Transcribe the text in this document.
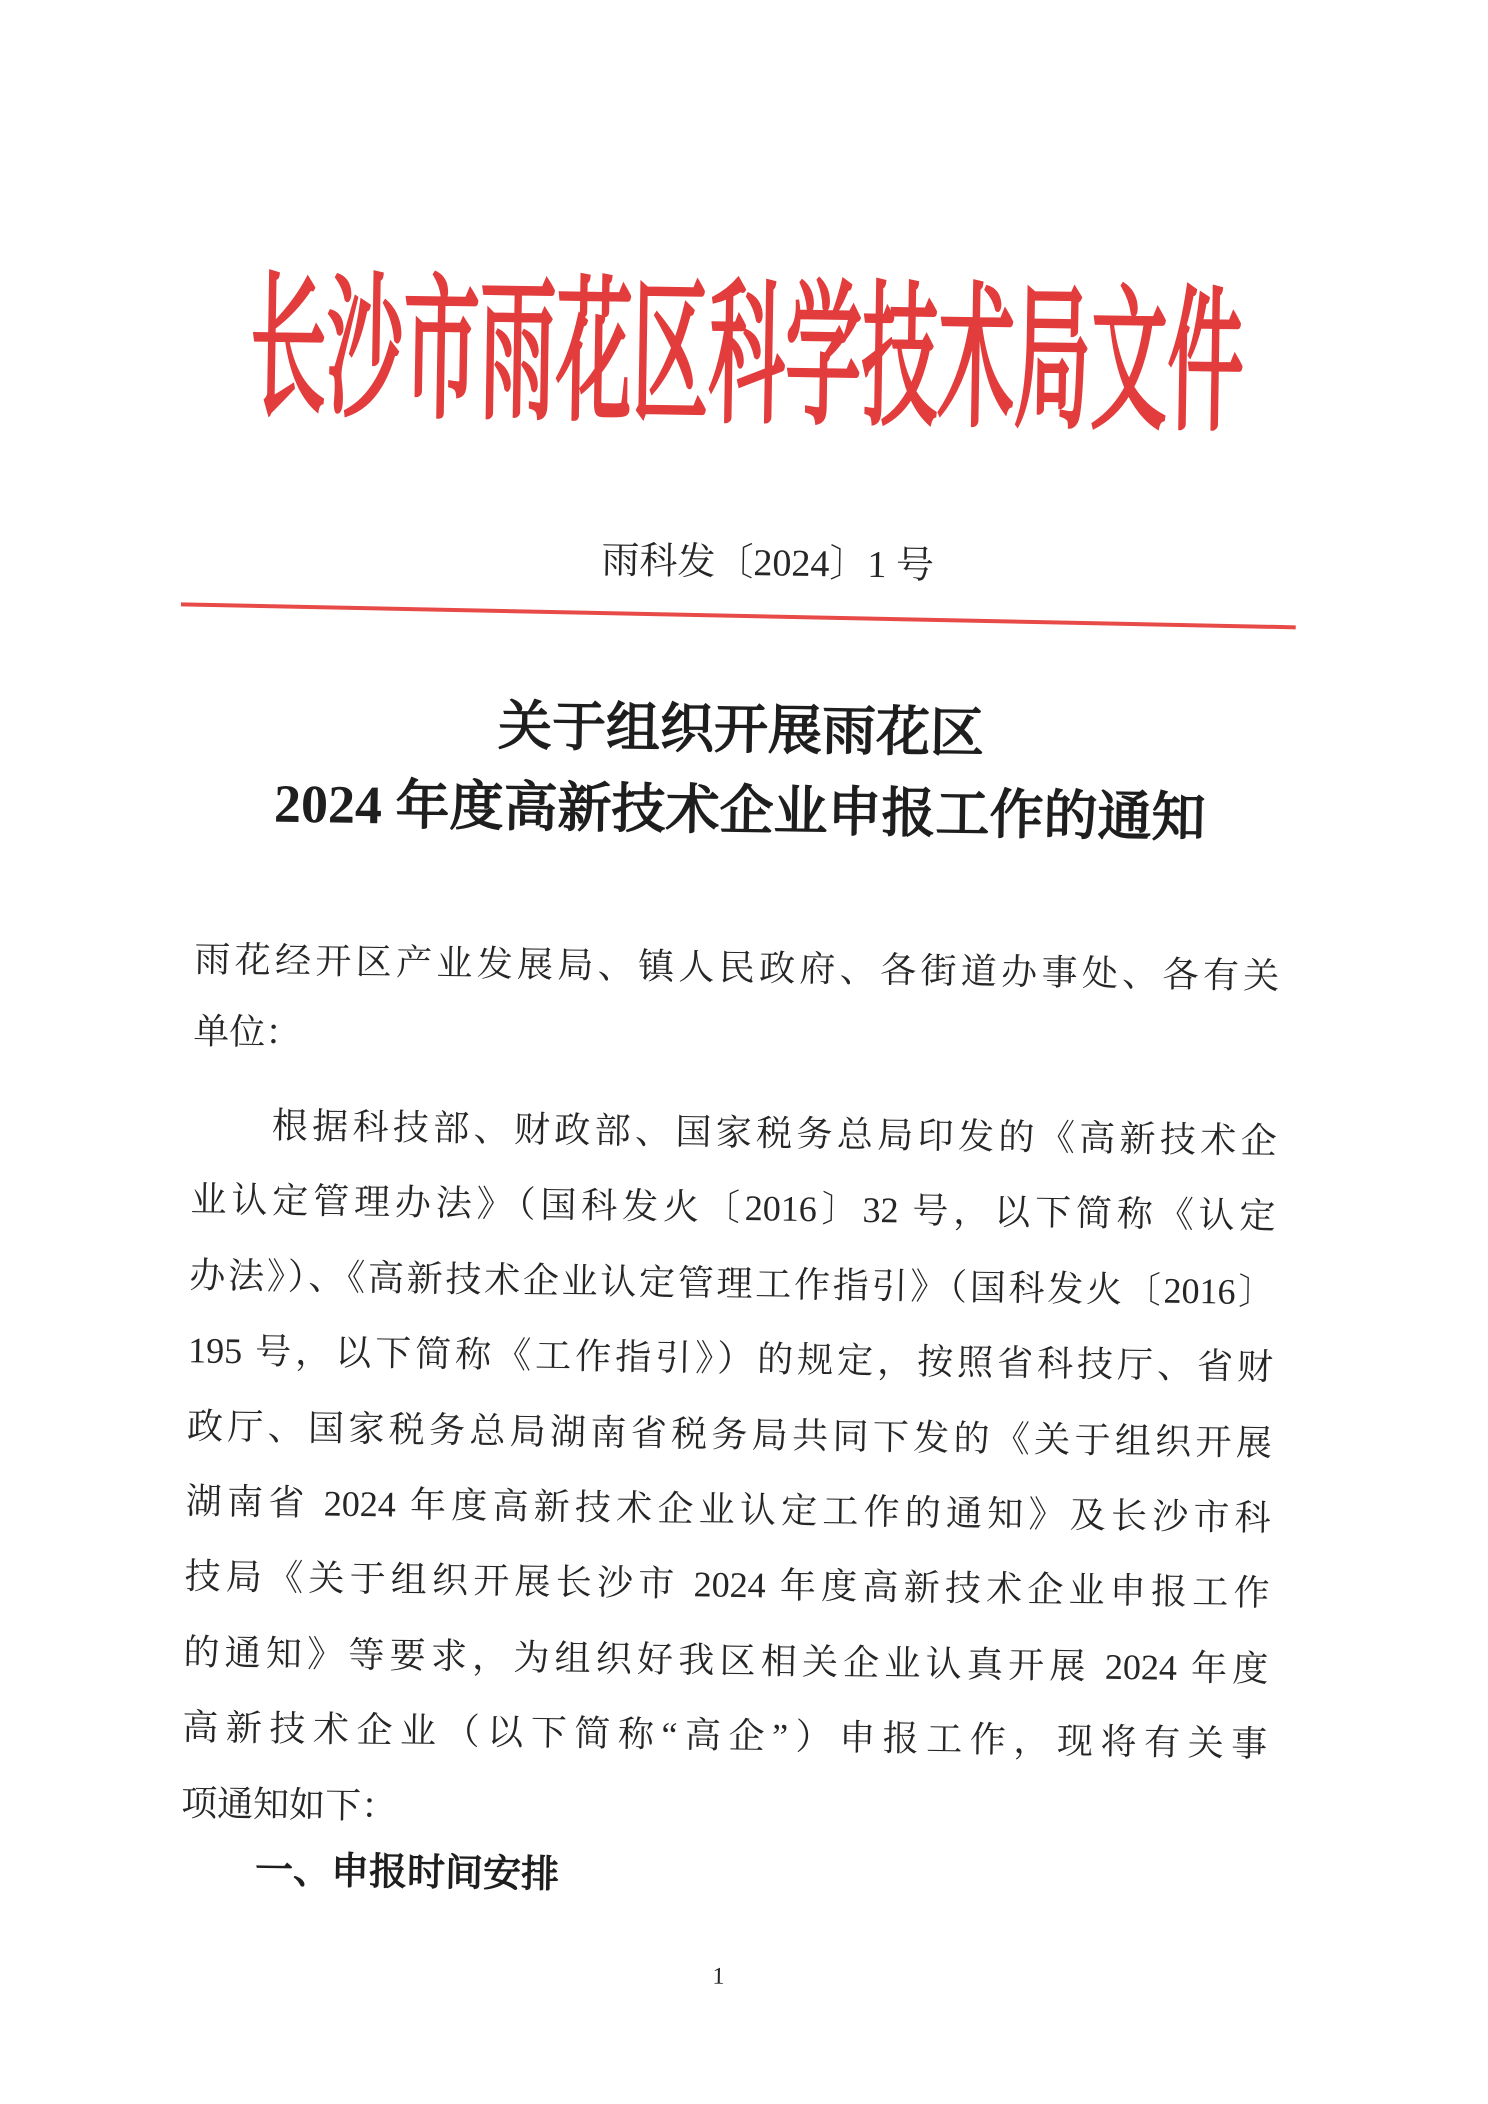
长沙市雨花区科学技术局文件
雨科发〔2024〕1 号
关于组织开展雨花区
2024 年度高新技术企业申报工作的通知
雨花经开区产业发展局、镇人民政府、各街道办事处、各有关
单位：
根据科技部、财政部、国家税务总局印发的《高新技术企
业认定管理办法》（国科发火〔2016〕32 号，以下简称《认定
办法》）、《高新技术企业认定管理工作指引》（国科发火〔2016〕
195 号，以下简称《工作指引》）的规定，按照省科技厅、省财
政厅、国家税务总局湖南省税务局共同下发的《关于组织开展
湖南省 2024 年度高新技术企业认定工作的通知》及长沙市科
技局《关于组织开展长沙市 2024 年度高新技术企业申报工作
的通知》等要求，为组织好我区相关企业认真开展 2024 年度
高新技术企业（以下简称“高企”）申报工作，现将有关事
项通知如下：
一、申报时间安排
1
